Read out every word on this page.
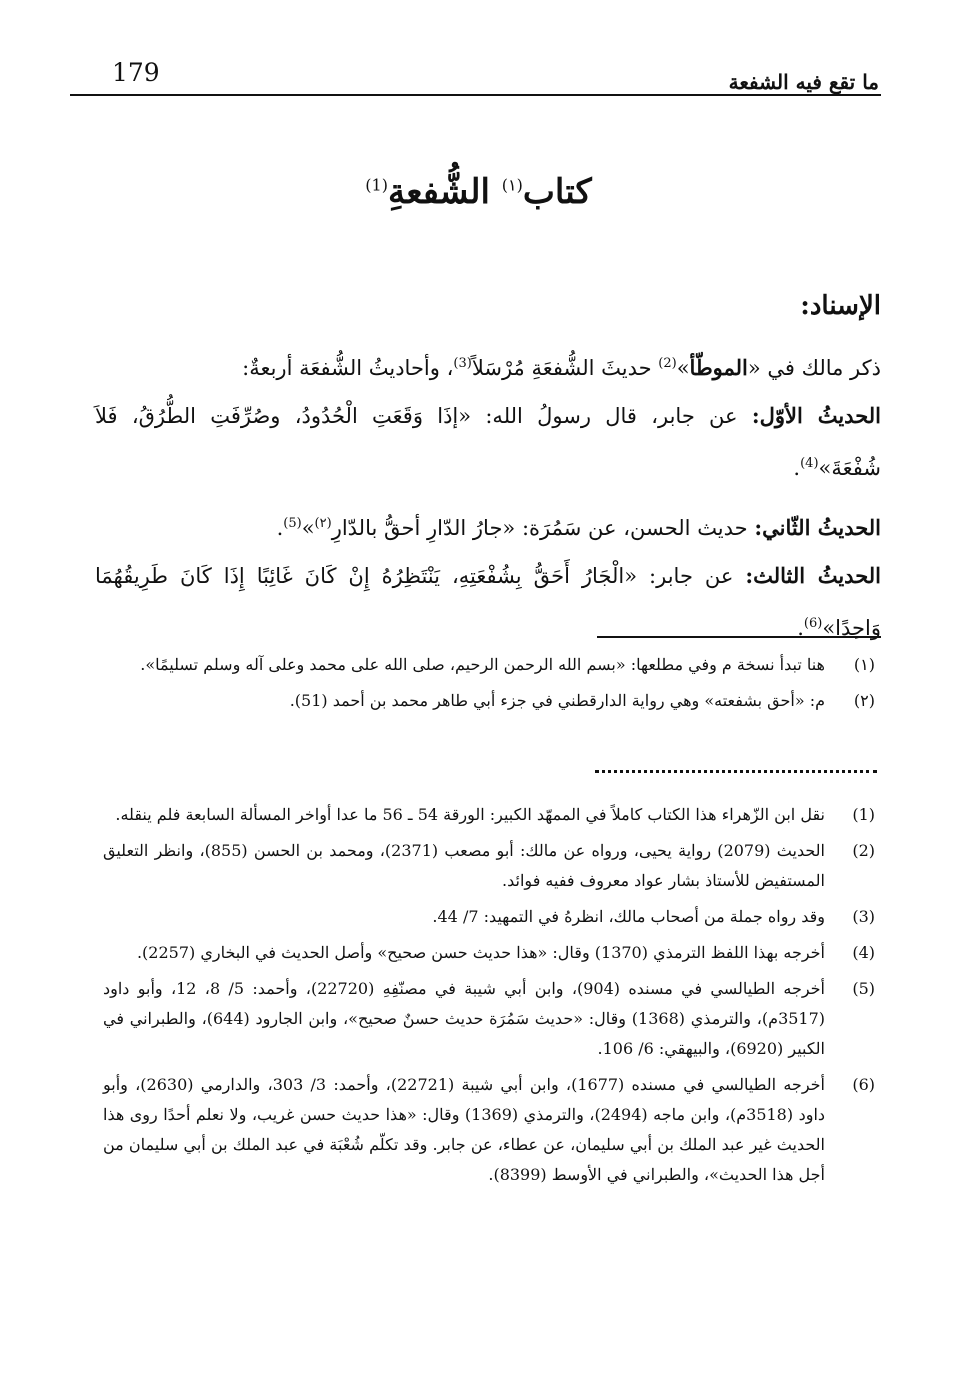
179	ما تقع فيه الشفعة
كتاب$^{(١)}$ الشُّفعةِ$^{(1)}$

الإسناد:

ذكر مالك في «الموطّأ»$^{(2)}$ حديثَ الشُّفعَةِ مُرْسَلاً$^{(3)}$، وأحاديثُ الشُّفعَة أربعةٌ:

الحديثُ الأوّل: عن جابر، قال رسولُ الله: «إذَا وَقَعَتِ الْحُدُودُ، وصُرِّفَتِ الطُّرُقُ، فَلاَ شُفْعَةَ»$^{(4)}$.

الحديثُ الثّاني: حديث الحسن، عن سَمُرَة: «جارُ الدّارِ أحقُّ بالدّارِ$^{(٢)}$»$^{(5)}$.

الحديثُ الثالث: عن جابر: «الْجَارُ أَحَقُّ بِشُفْعَتِهِ، يَنْتَظِرُهُ إِنْ كَانَ غَائِبًا إِذَا كَانَ طَرِيقُهُمَا وَاحِدًا»$^{(6)}$.

(١)
هنا تبدأ نسخة م وفي مطلعها: «بسم الله الرحمن الرحيم، صلى الله على محمد وعلى آله وسلم تسليمًا».
(٢)
م: «أحق بشفعته» وهي رواية الدارقطني في جزء أبي طاهر محمد بن أحمد (51).
(1)
نقل ابن الزّهراء هذا الكتاب كاملاً في الممهّد الكبير: الورقة 54 ـ 56 ما عدا أواخر المسألة السابعة فلم ينقله.
(2)
الحديث (2079) رواية يحيى، ورواه عن مالك: أبو مصعب (2371)، ومحمد بن الحسن (855)، وانظر التعليق المستفيض للأستاذ بشار عواد معروف ففيه فوائد.
(3)
وقد رواه جملة من أصحاب مالك، انظرهُ في التمهيد: 7/ 44.
(4)
أخرجه بهذا اللفظ الترمذي (1370) وقال: «هذا حديث حسن صحيح» وأصل الحديث في البخاري (2257).
(5)
أخرجه الطيالسي في مسنده (904)، وابن أبي شيبة في مصنّفِهِ (22720)، وأحمد: 5/ 8، 12، وأبو داود (3517م)، والترمذي (1368) وقال: «حديث سَمُرَة حديث حسنٌ صحيح»، وابن الجارود (644)، والطبراني في الكبير (6920)، والبيهقي: 6/ 106.
(6)
أخرجه الطيالسي في مسنده (1677)، وابن أبي شيبة (22721)، وأحمد: 3/ 303، والدارمي (2630)، وأبو داود (3518م)، وابن ماجه (2494)، والترمذي (1369) وقال: «هذا حديث حسن غريب، ولا نعلم أحدًا روى هذا الحديث غير عبد الملك بن أبي سليمان، عن عطاء، عن جابر. وقد تكلّم شُعْبَة في عبد الملك بن أبي سليمان من أجل هذا الحديث»، والطبراني في الأوسط (8399).
